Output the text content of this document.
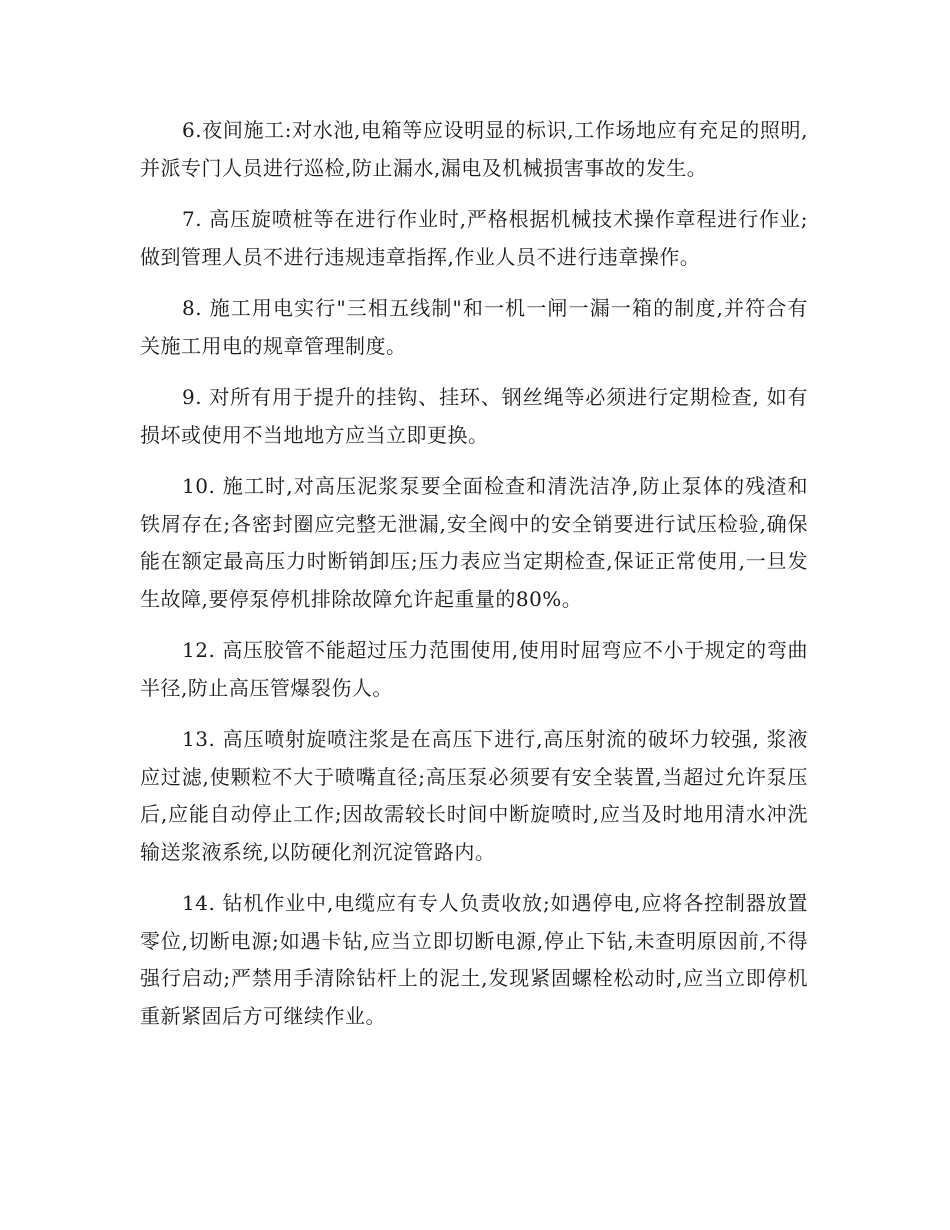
6.夜间施工:对水池,电箱等应设明显的标识,工作场地应有充足的照明, 并派专门人员进行巡检,防止漏水,漏电及机械损害事故的发生。

7. 高压旋喷桩等在进行作业时,严格根据机械技术操作章程进行作业;做到管理人员不进行违规违章指挥,作业人员不进行违章操作。

8. 施工用电实行"三相五线制"和一机一闸一漏一箱的制度,并符合有关施工用电的规章管理制度。

9. 对所有用于提升的挂钩、挂环、钢丝绳等必须进行定期检查, 如有损坏或使用不当地地方应当立即更换。

10. 施工时,对高压泥浆泵要全面检查和清洗洁净,防止泵体的残渣和铁屑存在;各密封圈应完整无泄漏,安全阀中的安全销要进行试压检验,确保能在额定最高压力时断销卸压;压力表应当定期检查,保证正常使用,一旦发生故障,要停泵停机排除故障允许起重量的80%。

12. 高压胶管不能超过压力范围使用,使用时屈弯应不小于规定的弯曲半径,防止高压管爆裂伤人。

13. 高压喷射旋喷注浆是在高压下进行,高压射流的破坏力较强, 浆液应过滤,使颗粒不大于喷嘴直径;高压泵必须要有安全装置,当超过允许泵压后,应能自动停止工作;因故需较长时间中断旋喷时,应当及时地用清水冲洗输送浆液系统,以防硬化剂沉淀管路内。

14. 钻机作业中,电缆应有专人负责收放;如遇停电,应将各控制器放置零位,切断电源;如遇卡钻,应当立即切断电源,停止下钻,未查明原因前,不得强行启动;严禁用手清除钻杆上的泥土,发现紧固螺栓松动时,应当立即停机重新紧固后方可继续作业。
